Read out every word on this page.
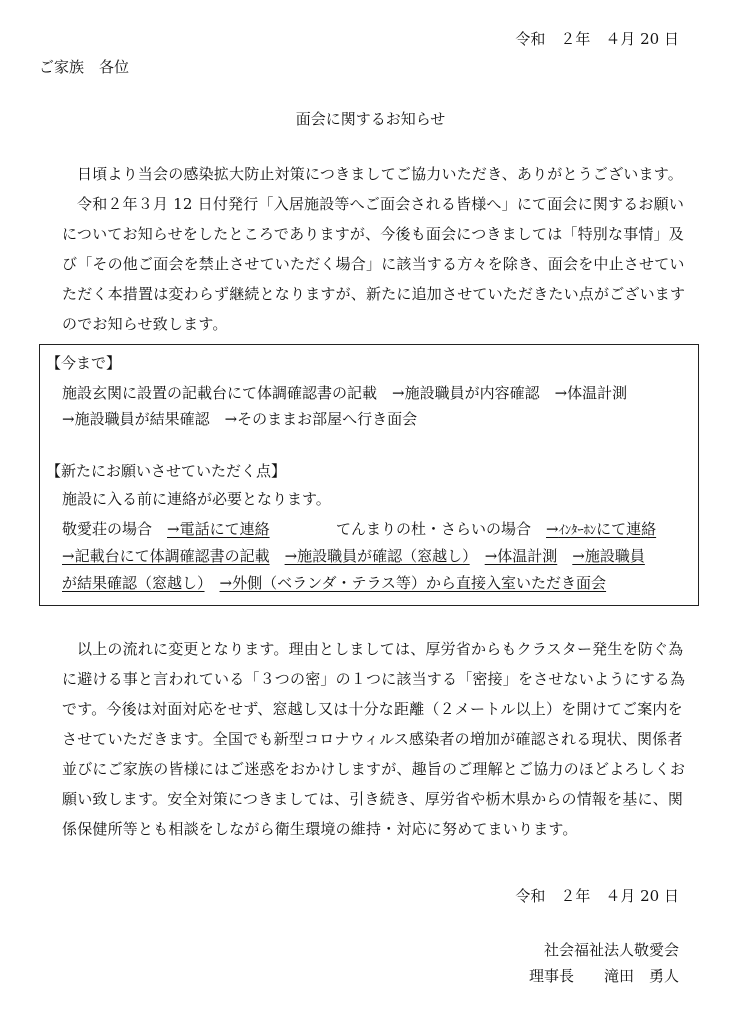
令和　２年　４月 20 日
ご家族　各位
面会に関するお知らせ

日頃より当会の感染拡大防止対策につきましてご協力いただき、ありがとうございます。

令和２年３月 12 日付発行「入居施設等へご面会される皆様へ」にて面会に関するお願いについてお知らせをしたところでありますが、今後も面会につきましては「特別な事情」及び「その他ご面会を禁止させていただく場合」に該当する方々を除き、面会を中止させていただく本措置は変わらず継続となりますが、新たに追加させていただきたい点がございますのでお知らせ致します。

【今まで】
施設玄関に設置の記載台にて体調確認書の記載　→施設職員が内容確認　→体温計測
→施設職員が結果確認　→そのままお部屋へ行き面会
【新たにお願いさせていただく点】
施設に入る前に連絡が必要となります。
敬愛荘の場合　→電話にて連絡	てんまりの杜・さらいの場合　→ｲﾝﾀｰﾎﾝにて連絡
→記載台にて体調確認書の記載　 →施設職員が確認（窓越し）　 →体温計測　 →施設職員
が結果確認（窓越し）　 →外側（ベランダ・テラス等）から直接入室いただき面会

以上の流れに変更となります。理由としましては、厚労省からもクラスター発生を防ぐ為に避ける事と言われている「３つの密」の１つに該当する「密接」をさせないようにする為です。今後は対面対応をせず、窓越し又は十分な距離（２メートル以上）を開けてご案内をさせていただきます。全国でも新型コロナウィルス感染者の増加が確認される現状、関係者並びにご家族の皆様にはご迷惑をおかけしますが、趣旨のご理解とご協力のほどよろしくお願い致します。安全対策につきましては、引き続き、厚労省や栃木県からの情報を基に、関係保健所等とも相談をしながら衛生環境の維持・対応に努めてまいります。

令和　２年　４月 20 日
社会福祉法人敬愛会
理事長　　滝田　勇人
